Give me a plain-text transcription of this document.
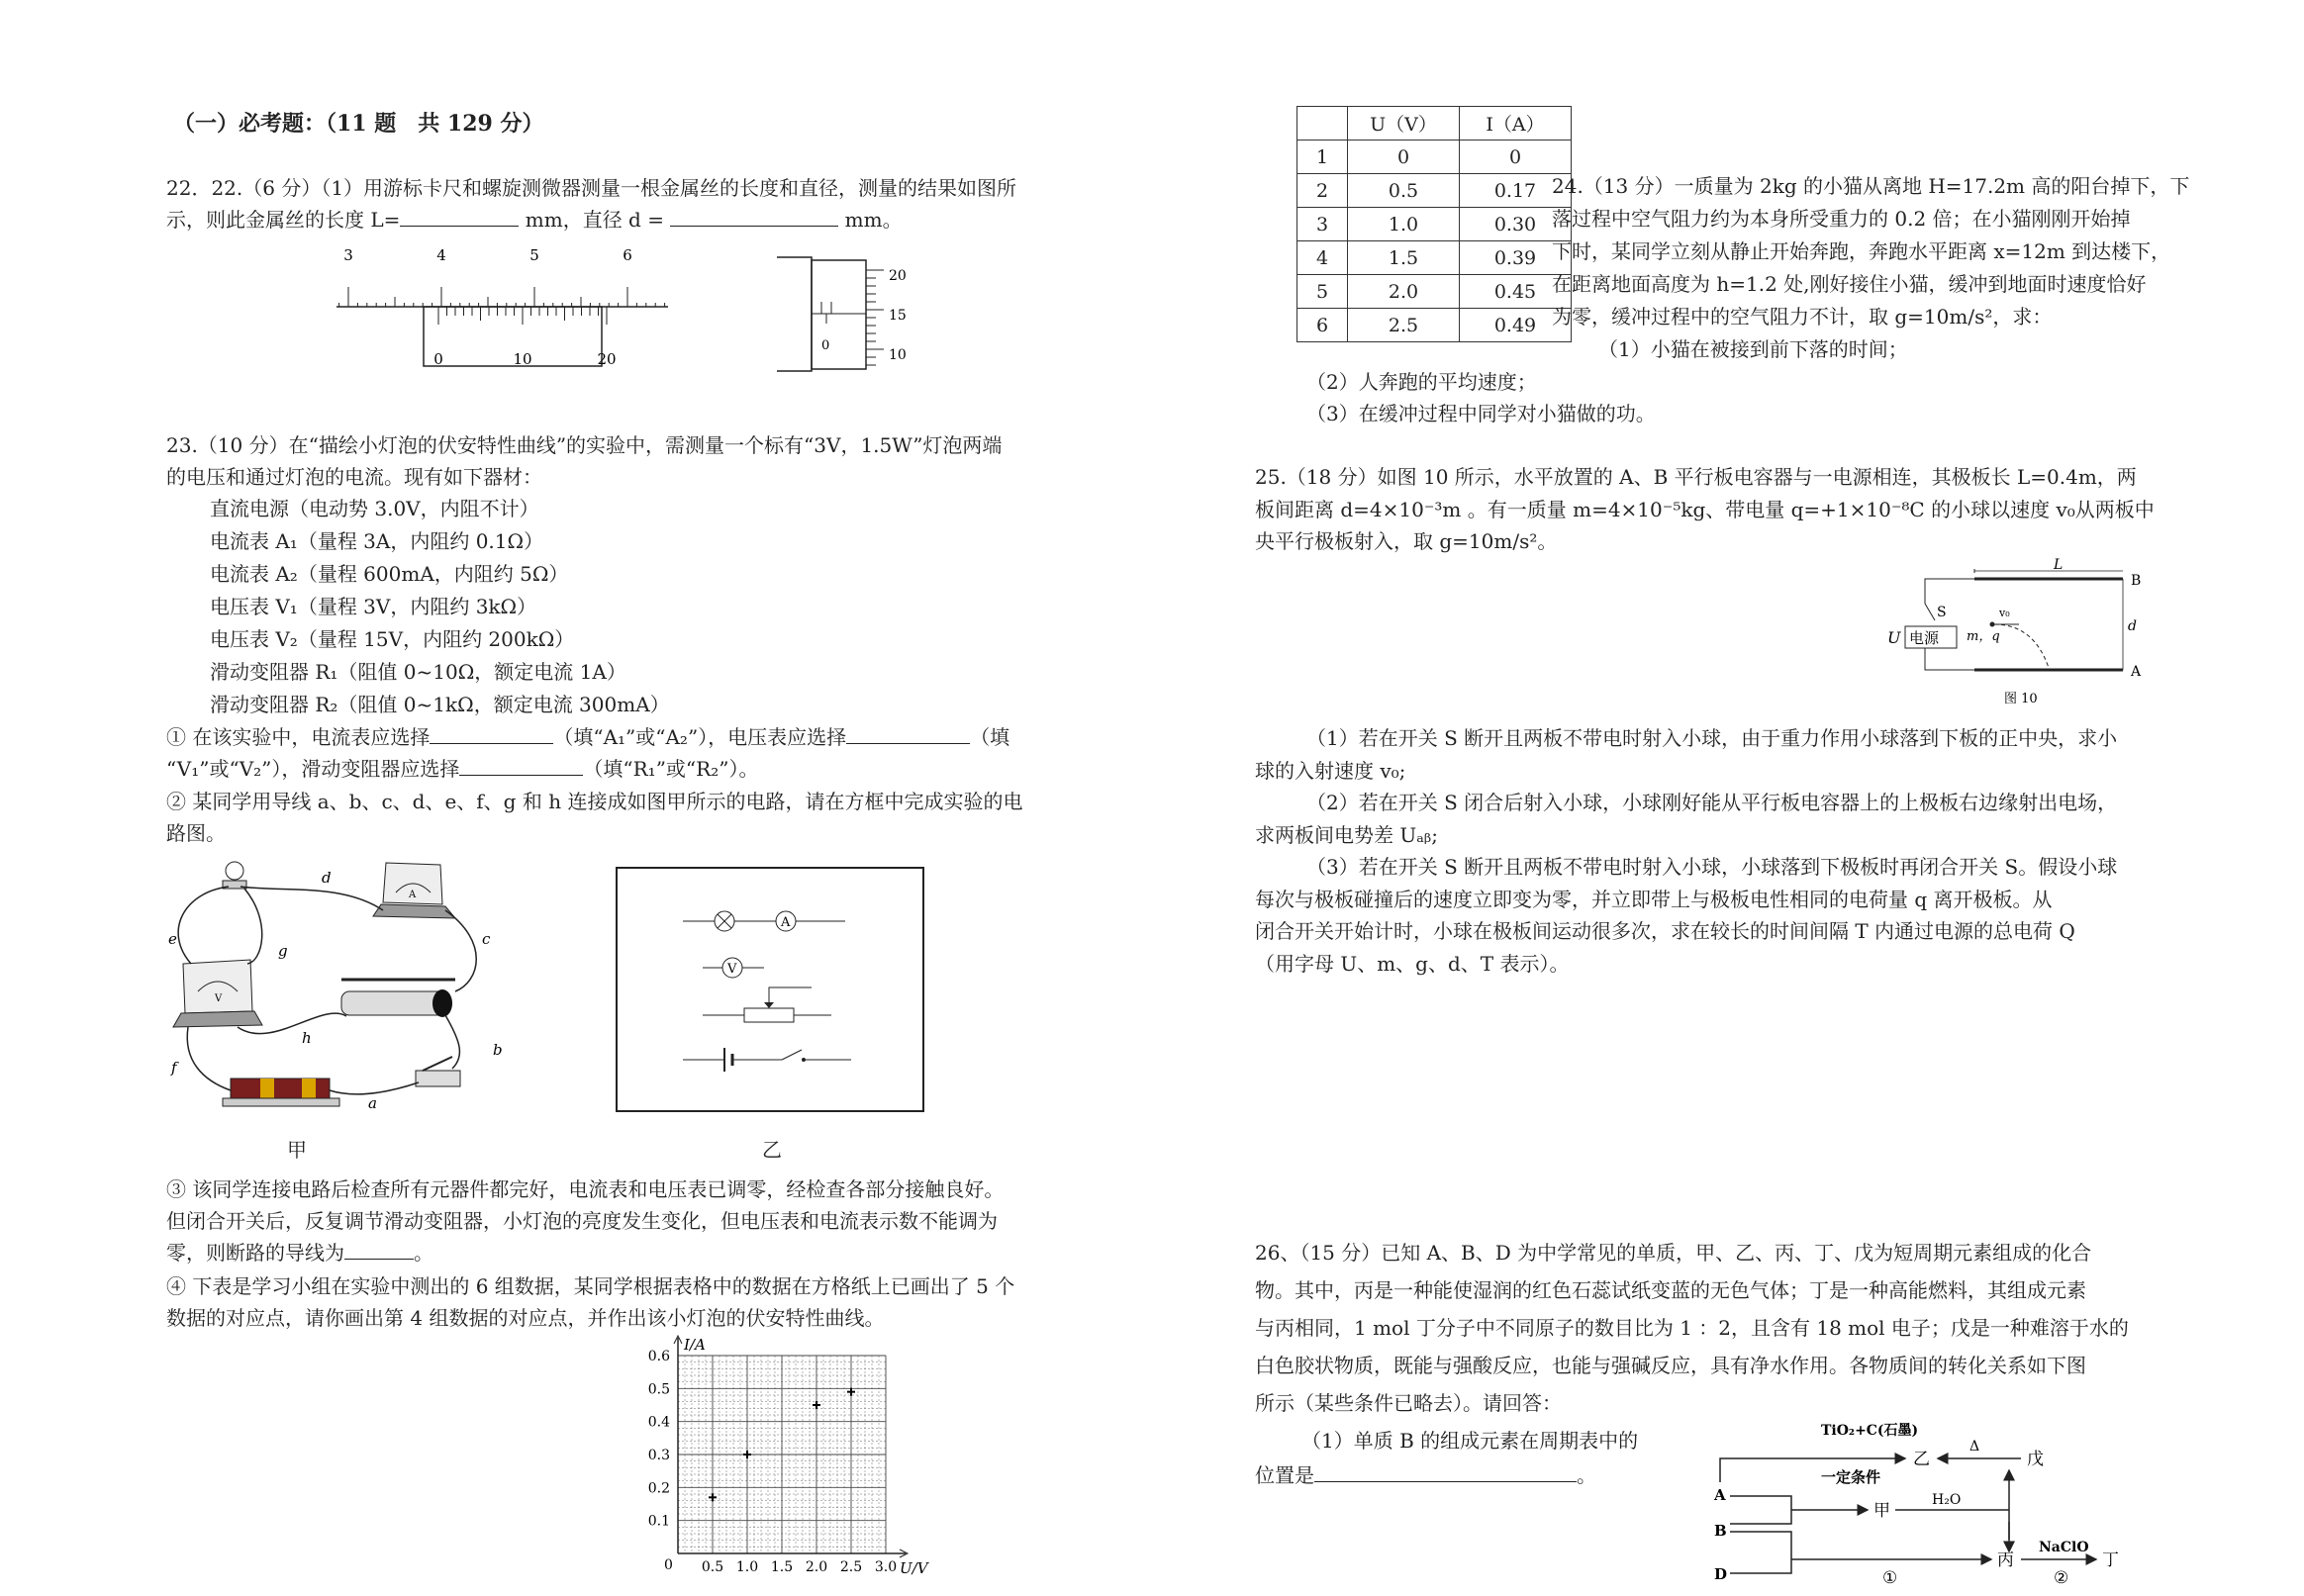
（一）必考题：（11 题　共 129 分）
22．22.（6 分）（1）用游标卡尺和螺旋测微器测量一根金属丝的长度和直径，测量的结果如图所
示，则此金属丝的长度 L=	mm，直径 d =	mm。
3	4	5	6
0	10	20
20
15
10
0
23.（10 分）在“描绘小灯泡的伏安特性曲线”的实验中，需测量一个标有“3V，1.5W”灯泡两端
的电压和通过灯泡的电流。现有如下器材：
直流电源（电动势 3.0V，内阻不计）
电流表 A₁（量程 3A，内阻约 0.1Ω）
电流表 A₂（量程 600mA，内阻约 5Ω）
电压表 V₁（量程 3V，内阻约 3kΩ）
电压表 V₂（量程 15V，内阻约 200kΩ）
滑动变阻器 R₁（阻值 0~10Ω，额定电流 1A）
滑动变阻器 R₂（阻值 0~1kΩ，额定电流 300mA）
① 在该实验中，电流表应选择	（填“A₁”或“A₂”），电压表应选择	（填
“V₁”或“V₂”），滑动变阻器应选择	（填“R₁”或“R₂”）。
② 某同学用导线 a、b、c、d、e、f、g 和 h 连接成如图甲所示的电路，请在方框中完成实验的电
路图。
A
V
d
e	c
g
h
b
f
a
甲
A
V
乙
③ 该同学连接电路后检查所有元器件都完好，电流表和电压表已调零，经检查各部分接触良好。
但闭合开关后，反复调节滑动变阻器，小灯泡的亮度发生变化，但电压表和电流表示数不能调为
零，则断路的导线为	。
④ 下表是学习小组在实验中测出的 6 组数据，某同学根据表格中的数据在方格纸上已画出了 5 个
数据的对应点，请你画出第 4 组数据的对应点，并作出该小灯泡的伏安特性曲线。
I/A
U/V
0 0.5 1.0 1.5 2.0 2.5 3.0
0.1
0.2
0.3
0.4
0.5
0.6
	U（V）	I（A）
1	0	0
2	0.5	0.17
3	1.0	0.30
4	1.5	0.39
5	2.0	0.45
6	2.5	0.49
24.（13 分）一质量为 2kg 的小猫从离地 H=17.2m 高的阳台掉下，下
落过程中空气阻力约为本身所受重力的 0.2 倍；在小猫刚刚开始掉
下时，某同学立刻从静止开始奔跑，奔跑水平距离 x=12m 到达楼下，
在距离地面高度为 h=1.2 处,刚好接住小猫，缓冲到地面时速度恰好
为零，缓冲过程中的空气阻力不计，取 g=10m/s²，求：
（1）小猫在被接到前下落的时间；
（2）人奔跑的平均速度；
（3）在缓冲过程中同学对小猫做的功。
25.（18 分）如图 10 所示，水平放置的 A、B 平行板电容器与一电源相连，其极板长 L=0.4m，两
板间距离 d=4×10⁻³m 。有一质量 m=4×10⁻⁵kg、带电量 q=+1×10⁻⁸C 的小球以速度 v₀从两板中
央平行极板射入，取 g=10m/s²。
L
B
A
d
S
电源
U
v₀
m，q
图 10
（1）若在开关 S 断开且两板不带电时射入小球，由于重力作用小球落到下板的正中央，求小
球的入射速度 v₀;
（2）若在开关 S 闭合后射入小球，小球刚好能从平行板电容器上的上极板右边缘射出电场，
求两板间电势差 Uₐᵦ;
（3）若在开关 S 断开且两板不带电时射入小球，小球落到下极板时再闭合开关 S。假设小球
每次与极板碰撞后的速度立即变为零，并立即带上与极板电性相同的电荷量 q 离开极板。从
闭合开关开始计时，小球在极板间运动很多次，求在较长的时间间隔 T 内通过电源的总电荷 Q
（用字母 U、m、g、d、T 表示）。
26、（15 分）已知 A、B、D 为中学常见的单质，甲、乙、丙、丁、戊为短周期元素组成的化合
物。其中，丙是一种能使湿润的红色石蕊试纸变蓝的无色气体；丁是一种高能燃料，其组成元素
与丙相同，1 mol 丁分子中不同原子的数目比为 1 ：2，且含有 18 mol 电子；戊是一种难溶于水的
白色胶状物质，既能与强酸反应，也能与强碱反应，具有净水作用。各物质间的转化关系如下图
所示（某些条件已略去）。请回答：
（1）单质 B 的组成元素在周期表中的
位置是	。
TiO₂+C(石墨)
一定条件
乙
Δ
戊
A
甲
H₂O
B
D	①
丙
NaClO
②
丁
